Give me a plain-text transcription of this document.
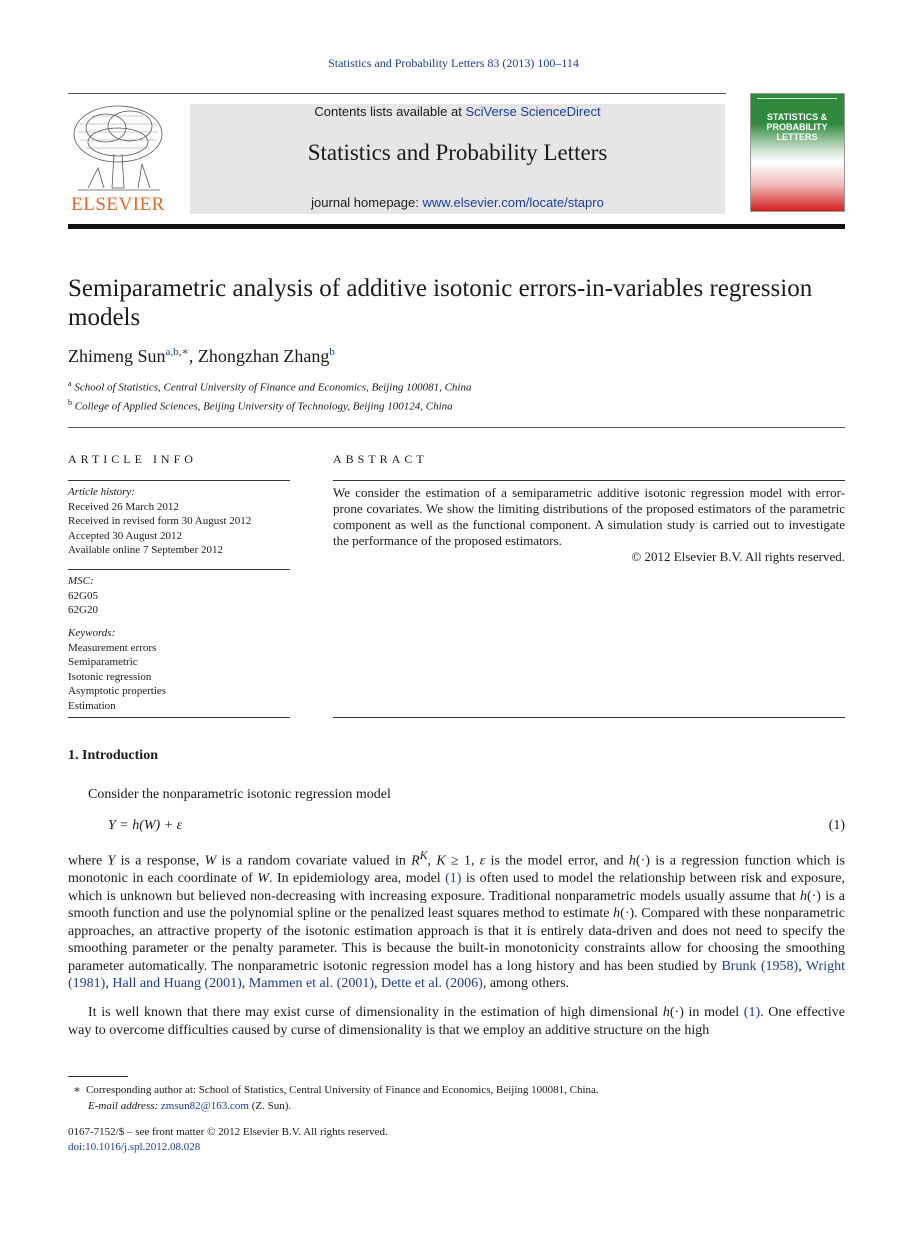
Statistics and Probability Letters 83 (2013) 100–114
ELSEVIER
Contents lists available at SciVerse ScienceDirect
Statistics and Probability Letters
journal homepage: www.elsevier.com/locate/stapro
STATISTICS & PROBABILITY LETTERS
Semiparametric analysis of additive isotonic errors-in-variables regression models
Zhimeng Sun$^{a,b,∗}$, Zhongzhan Zhang$^b$
$^a$ School of Statistics, Central University of Finance and Economics, Beijing 100081, China
$^b$ College of Applied Sciences, Beijing University of Technology, Beijing 100124, China
ARTICLE INFO
Article history:
Received 26 March 2012
Received in revised form 30 August 2012
Accepted 30 August 2012
Available online 7 September 2012
MSC:
62G05
62G20
Keywords:
Measurement errors
Semiparametric
Isotonic regression
Asymptotic properties
Estimation
ABSTRACT
We consider the estimation of a semiparametric additive isotonic regression model with error-prone covariates. We show the limiting distributions of the proposed estimators of the parametric component as well as the functional component. A simulation study is carried out to investigate the performance of the proposed estimators.
© 2012 Elsevier B.V. All rights reserved.
1. Introduction
Consider the nonparametric isotonic regression model
Y = h(W) + ε	(1)
where Y is a response, W is a random covariate valued in $R^K$, K ≥ 1, ε is the model error, and h(·) is a regression function which is monotonic in each coordinate of W. In epidemiology area, model (1) is often used to model the relationship between risk and exposure, which is unknown but believed non-decreasing with increasing exposure. Traditional nonparametric models usually assume that h(·) is a smooth function and use the polynomial spline or the penalized least squares method to estimate h(·). Compared with these nonparametric approaches, an attractive property of the isotonic estimation approach is that it is entirely data-driven and does not need to specify the smoothing parameter or the penalty parameter. This is because the built-in monotonicity constraints allow for choosing the smoothing parameter automatically. The nonparametric isotonic regression model has a long history and has been studied by Brunk (1958), Wright (1981), Hall and Huang (2001), Mammen et al. (2001), Dette et al. (2006), among others.
It is well known that there may exist curse of dimensionality in the estimation of high dimensional h(·) in model (1). One effective way to overcome difficulties caused by curse of dimensionality is that we employ an additive structure on the high
∗ Corresponding author at: School of Statistics, Central University of Finance and Economics, Beijing 100081, China.
E-mail address: zmsun82@163.com (Z. Sun).
0167-7152/$ – see front matter © 2012 Elsevier B.V. All rights reserved.
doi:10.1016/j.spl.2012.08.028
